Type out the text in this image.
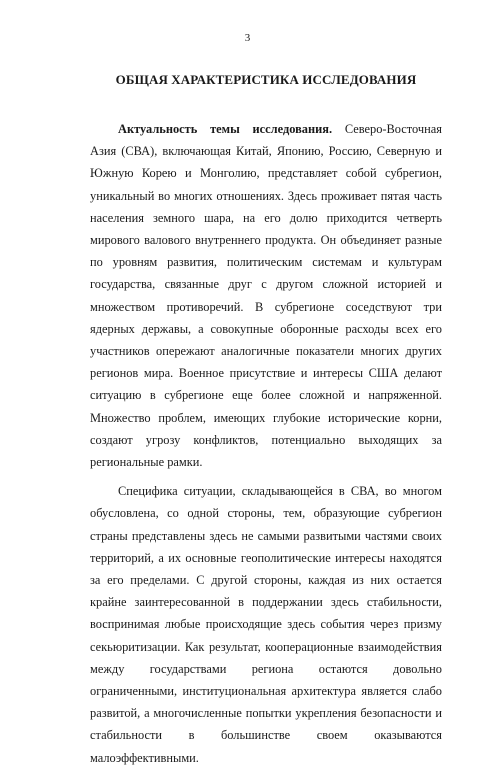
3
ОБЩАЯ ХАРАКТЕРИСТИКА ИССЛЕДОВАНИЯ

Актуальность темы исследования. Северо-Восточная Азия (СВА), включающая Китай, Японию, Россию, Северную и Южную Корею и Монголию, представляет собой субрегион, уникальный во многих отношениях. Здесь проживает пятая часть населения земного шара, на его долю приходится четверть мирового валового внутреннего продукта. Он объединяет разные по уровням развития, политическим системам и культурам государства, связанные друг с другом сложной историей и множеством противоречий. В субрегионе соседствуют три ядерных державы, а совокупные оборонные расходы всех его участников опережают аналогичные показатели многих других регионов мира. Военное присутствие и интересы США делают ситуацию в субрегионе еще более сложной и напряженной. Множество проблем, имеющих глубокие исторические корни, создают угрозу конфликтов, потенциально выходящих за региональные рамки.

Специфика ситуации, складывающейся в СВА, во многом обусловлена, со одной стороны, тем, образующие субрегион страны представлены здесь не самыми развитыми частями своих территорий, а их основные геополитические интересы находятся за его пределами. С другой стороны, каждая из них остается крайне заинтересованной в поддержании здесь стабильности, воспринимая любые происходящие здесь события через призму секьюритизации. Как результат, кооперационные взаимодействия между государствами региона остаются довольно ограниченными, институциональная архитектура является слабо развитой, а многочисленные попытки укрепления безопасности и стабильности в большинстве своем оказываются малоэффективными.
